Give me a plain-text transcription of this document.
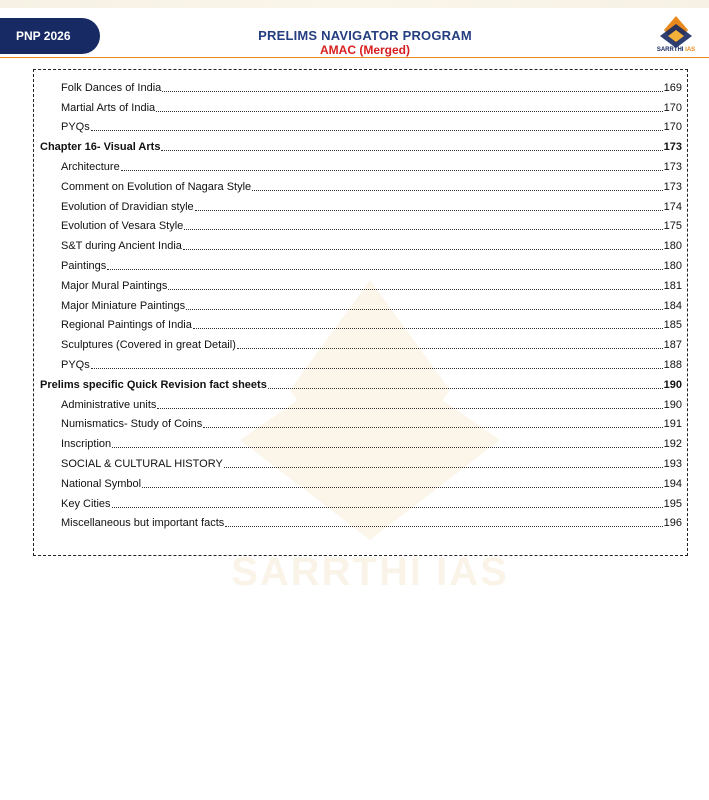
PNP 2026	PRELIMS NAVIGATOR PROGRAM
AMAC (Merged)	SARRTHI IAS
SARRTHI IAS
Folk Dances of India	169
Martial Arts of India	170
PYQs	170
Chapter 16- Visual Arts	173
Architecture	173
Comment on Evolution of Nagara Style	173
Evolution of Dravidian style	174
Evolution of Vesara Style	175
S&T during Ancient India	180
Paintings	180
Major Mural Paintings	181
Major Miniature Paintings	184
Regional Paintings of India	185
Sculptures (Covered in great Detail)	187
PYQs	188
Prelims specific Quick Revision fact sheets	190
Administrative units	190
Numismatics- Study of Coins	191
Inscription	192
SOCIAL & CULTURAL HISTORY	193
National Symbol	194
Key Cities	195
Miscellaneous but important facts	196
